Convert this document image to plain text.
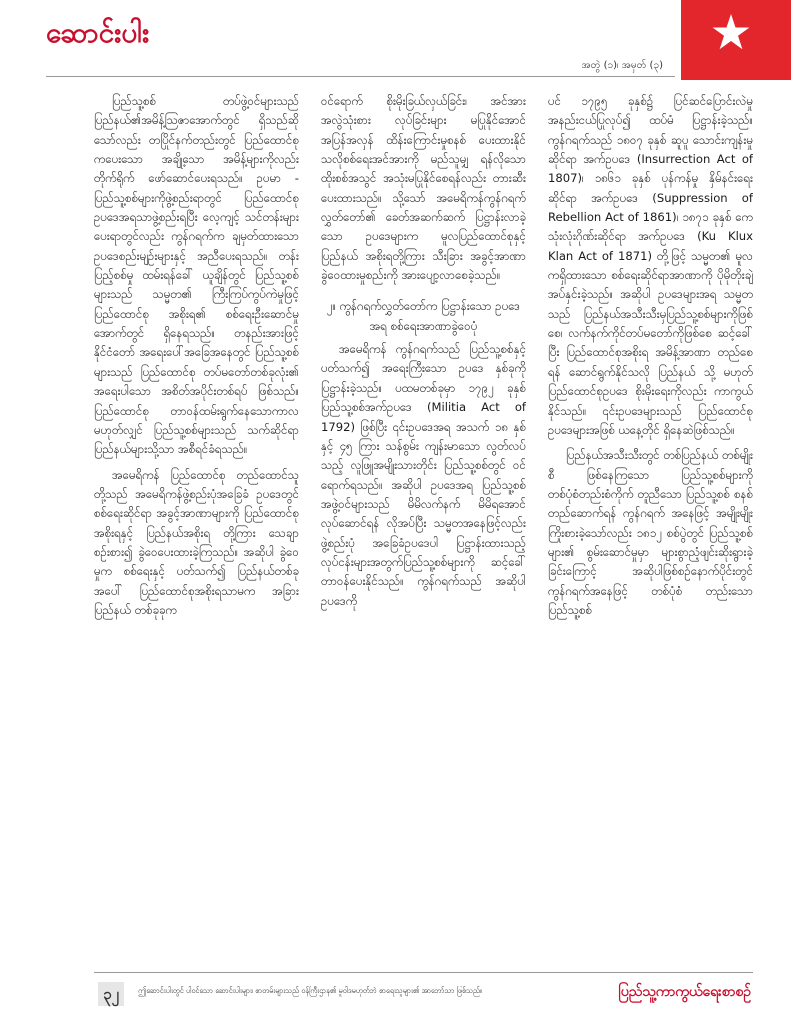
ဆောင်းပါး
အတွဲ (၁)၊ အမှတ် (၃)

ပြည်သူ့စစ် တပ်ဖွဲ့ဝင်များသည် ပြည်နယ်၏အမိန့်ဩဇာအောက်တွင် ရှိသည်ဆိုသော်လည်း တပြိုင်နက်တည်းတွင် ပြည်ထောင်စုကပေးသော အချို့သော အမိန့်များကိုလည်း တိုက်ရိုက် ဖော်ဆောင်ပေးရသည်။ ဥပမာ - ပြည်သူ့စစ်များကိုဖွဲ့စည်းရာတွင် ပြည်ထောင်စု ဥပဒေအရသာဖွဲ့စည်းရပြီး လေ့ကျင့် သင်တန်းများပေးရာတွင်လည်း ကွန်ဂရက်က ချမှတ်ထားသော ဥပဒေစည်းမျဉ်းများနှင့် အညီပေးရသည်။ တန်းပြည့်စစ်မှု ထမ်းရန်ခေါ် ယူချိန်တွင် ပြည်သူ့စစ်များသည် သမ္မတ၏ ကြီးကြပ်ကွပ်ကဲမှုဖြင့် ပြည်ထောင်စု အစိုးရ၏ စစ်ရေးဦးဆောင်မှု အောက်တွင် ရှိနေရသည်။ တနည်းအားဖြင့် နိုင်ငံတော် အရေးပေါ်အခြေအနေတွင် ပြည်သူ့စစ်များသည် ပြည်ထောင်စု တပ်မတော်တစ်ခုလုံး၏ အရေးပါသော အစိတ်အပိုင်းတစ်ရပ် ဖြစ်သည်။ ပြည်ထောင်စု တာဝန်ထမ်းရွက်နေသောကာလမဟုတ်လျှင် ပြည်သူ့စစ်များသည် သက်ဆိုင်ရာ ပြည်နယ်များသို့သာ အစီရင်ခံရသည်။

အမေရိကန် ပြည်ထောင်စု တည်ထောင်သူတို့သည် အမေရိကန်ဖွဲ့စည်းပုံအခြေခံ ဥပဒေတွင် စစ်ရေးဆိုင်ရာ အခွင့်အာဏာများကို ပြည်ထောင်စုအစိုးရနှင့် ပြည်နယ်အစိုးရ တို့ကြား သေချာစဉ်းစား၍ ခွဲဝေပေးထားခဲ့ကြသည်။ အဆိုပါ ခွဲဝေမှုက စစ်ရေးနှင့် ပတ်သက်၍ ပြည်နယ်တစ်ခုအပေါ် ပြည်ထောင်စုအစိုးရသာမက အခြားပြည်နယ် တစ်ခုခုက

ဝင်ရောက် စိုးမိုးခြယ်လှယ်ခြင်း၊ အင်အား အလွဲသုံးစား လုပ်ခြင်းများ မပြုနိုင်အောင် အပြန်အလှန် ထိန်းကြောင်းမှုစနစ် ပေးထားနိုင်သလိုစစ်ရေးအင်အားကို မည်သူမျှ ရန်လိုသော ထိုးစစ်အသွင် အသုံးမပြုနိုင်စေရန်လည်း တားဆီးပေးထားသည်။ သို့သော် အမေရိကန်ကွန်ဂရက် လွှတ်တော်၏ ခေတ်အဆက်ဆက် ပြဋ္ဌာန်းလာခဲ့သော ဥပဒေများက မူလပြည်ထောင်စုနှင့် ပြည်နယ် အစိုးရတို့ကြား သီးခြား အခွင့်အာဏာ ခွဲဝေထားမှုစည်းကို အားပျော့လာစေခဲ့သည်။

၂။ ကွန်ဂရက်လွှတ်တော်က ပြဋ္ဌာန်းသော ဥပဒေအရ စစ်ရေးအာဏာခွဲဝေပုံ

အမေရိကန် ကွန်ဂရက်သည် ပြည်သူ့စစ်နှင့်ပတ်သက်၍ အရေးကြီးသော ဥပဒေ နှစ်ခုကို ပြဋ္ဌာန်းခဲ့သည်။ ပထမတစ်ခုမှာ ၁၇၉၂ ခုနှစ် ပြည်သူ့စစ်အက်ဥပဒေ (Militia Act of 1792) ဖြစ်ပြီး ၎င်းဥပဒေအရ အသက် ၁၈ နှစ်နှင့် ၄၅ ကြား သန်စွမ်း ကျန်းမာသော လွတ်လပ်သည့် လူဖြူအမျိုးသားတိုင်း ပြည်သူ့စစ်တွင် ဝင်ရောက်ရသည်။ အဆိုပါ ဥပဒေအရ ပြည်သူ့စစ်အဖွဲ့ဝင်များသည် မိမိလက်နက် မိမိရအောင် လုပ်ဆောင်ရန် လိုအပ်ပြီး သမ္မတအနေဖြင့်လည်း ဖွဲ့စည်းပုံ အခြေခံဥပဒေပါ ပြဋ္ဌာန်းထားသည့်လုပ်ငန်းများအတွက်ပြည်သူ့စစ်များကို ဆင့်ခေါ် တာဝန်ပေးနိုင်သည်။ ကွန်ဂရက်သည် အဆိုပါ ဥပဒေကို

ပင် ၁၇၉၅ ခုနှစ်၌ ပြင်ဆင်ပြောင်းလဲမှု အနည်းငယ်ပြုလုပ်၍ ထပ်မံ ပြဋ္ဌာန်းခဲ့သည်။ ကွန်ဂရက်သည် ၁၈၀၇ ခုနှစ် ဆူပူ သောင်းကျန်းမှုဆိုင်ရာ အက်ဥပဒေ (Insurrection Act of 1807)၊ ၁၈၆၁ ခုနှစ် ပုန်ကန်မှု နှိမ်နင်းရေး ဆိုင်ရာ အက်ဥပဒေ (Suppression of Rebellion Act of 1861)၊ ၁၈၇၁ ခုနှစ် ကေသုံးလုံးဂိုဏ်းဆိုင်ရာ အက်ဥပဒေ (Ku Klux Klan Act of 1871) တို့ဖြင့် သမ္မတ၏ မူလကရှိထားသော စစ်ရေးဆိုင်ရာအာဏာကို ပိုမိုတိုးချဲ့အပ်နှင်းခဲ့သည်။ အဆိုပါ ဥပဒေများအရ သမ္မတသည် ပြည်နယ်အသီးသီးမှပြည်သူ့စစ်များကိုဖြစ်စေ၊ လက်နက်ကိုင်တပ်မတော်ကိုဖြစ်စေ ဆင့်ခေါ်ပြီး ပြည်ထောင်စုအစိုးရ အမိန့်အာဏာ တည်စေရန် ဆောင်ရွက်နိုင်သလို ပြည်နယ် သို့ မဟုတ် ပြည်ထောင်စုဥပဒေ စိုးမိုးရေးကိုလည်း ကာကွယ်နိုင်သည်။ ၎င်းဥပဒေများသည် ပြည်ထောင်စု ဥပဒေများအဖြစ် ယနေ့တိုင် ရှိနေဆဲဖြစ်သည်။

ပြည်နယ်အသီးသီးတွင် တစ်ပြည်နယ် တစ်မျိုးစီ ဖြစ်နေကြသော ပြည်သူ့စစ်များကို တစ်ပုံစံတည်းစံကိုက် တူညီသော ပြည်သူ့စစ် စနစ်တည်ဆောက်ရန် ကွန်ဂရက် အနေဖြင့် အမျိုးမျိုးကြိုးစားခဲ့သော်လည်း ၁၈၁၂ စစ်ပွဲတွင် ပြည်သူ့စစ်များ၏ စွမ်းဆောင်မှုမှာ များစွာညံ့ဖျင်းဆိုးရွားခဲ့ခြင်းကြောင့် အဆိုပါဖြစ်စဉ်နောက်ပိုင်းတွင် ကွန်ဂရက်အနေဖြင့် တစ်ပုံစံ တည်းသော ပြည်သူ့စစ်

၃၂	ဤဆောင်းပါးတွင် ပါဝင်သော ဆောင်းပါးများ၊ စာတမ်းများသည် ဝန်ကြီးဌာန၏ မူဝါဒမဟုတ်ဘဲ စာရေးသူများ၏ အာဘော်သာ ဖြစ်သည်။	ပြည်သူ့ကာကွယ်ရေးစာစဉ်
